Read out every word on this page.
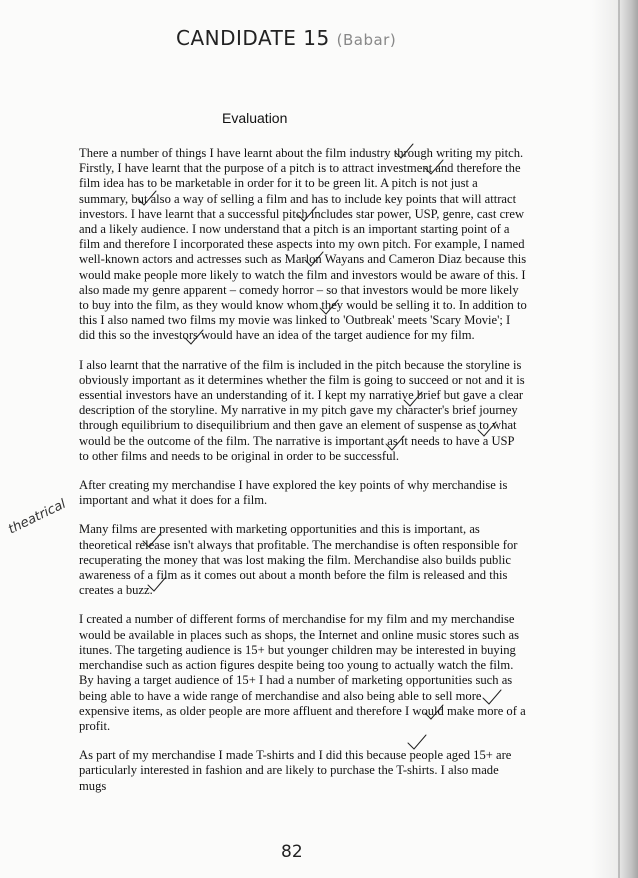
CANDIDATE 15 (Babar)
theatrical
Evaluation

There a number of things I have learnt about the film industry through writing my pitch. Firstly, I have learnt that the purpose of a pitch is to attract investment and therefore the film idea has to be marketable in order for it to be green lit. A pitch is not just a summary, but also a way of selling a film and has to include key points that will attract investors. I have learnt that a successful pitch includes star power, USP, genre, cast crew and a likely audience. I now understand that a pitch is an important starting point of a film and therefore I incorporated these aspects into my own pitch. For example, I named well-known actors and actresses such as Marlon Wayans and Cameron Diaz because this would make people more likely to watch the film and investors would be aware of this. I also made my genre apparent – comedy horror – so that investors would be more likely to buy into the film, as they would know whom they would be selling it to. In addition to this I also named two films my movie was linked to 'Outbreak' meets 'Scary Movie'; I did this so the investors would have an idea of the target audience for my film.

I also learnt that the narrative of the film is included in the pitch because the storyline is obviously important as it determines whether the film is going to succeed or not and it is essential investors have an understanding of it. I kept my narrative brief but gave a clear description of the storyline. My narrative in my pitch gave my character's brief journey through equilibrium to disequilibrium and then gave an element of suspense as to what would be the outcome of the film. The narrative is important as it needs to have a USP to other films and needs to be original in order to be successful.

After creating my merchandise I have explored the key points of why merchandise is important and what it does for a film.

Many films are presented with marketing opportunities and this is important, as theoretical release isn't always that profitable. The merchandise is often responsible for recuperating the money that was lost making the film. Merchandise also builds public awareness of a film as it comes out about a month before the film is released and this creates a buzz.

I created a number of different forms of merchandise for my film and my merchandise would be available in places such as shops, the Internet and online music stores such as itunes. The targeting audience is 15+ but younger children may be interested in buying merchandise such as action figures despite being too young to actually watch the film. By having a target audience of 15+ I had a number of marketing opportunities such as being able to have a wide range of merchandise and also being able to sell more expensive items, as older people are more affluent and therefore I would make more of a profit.

As part of my merchandise I made T-shirts and I did this because people aged 15+ are particularly interested in fashion and are likely to purchase the T-shirts. I also made mugs

82
